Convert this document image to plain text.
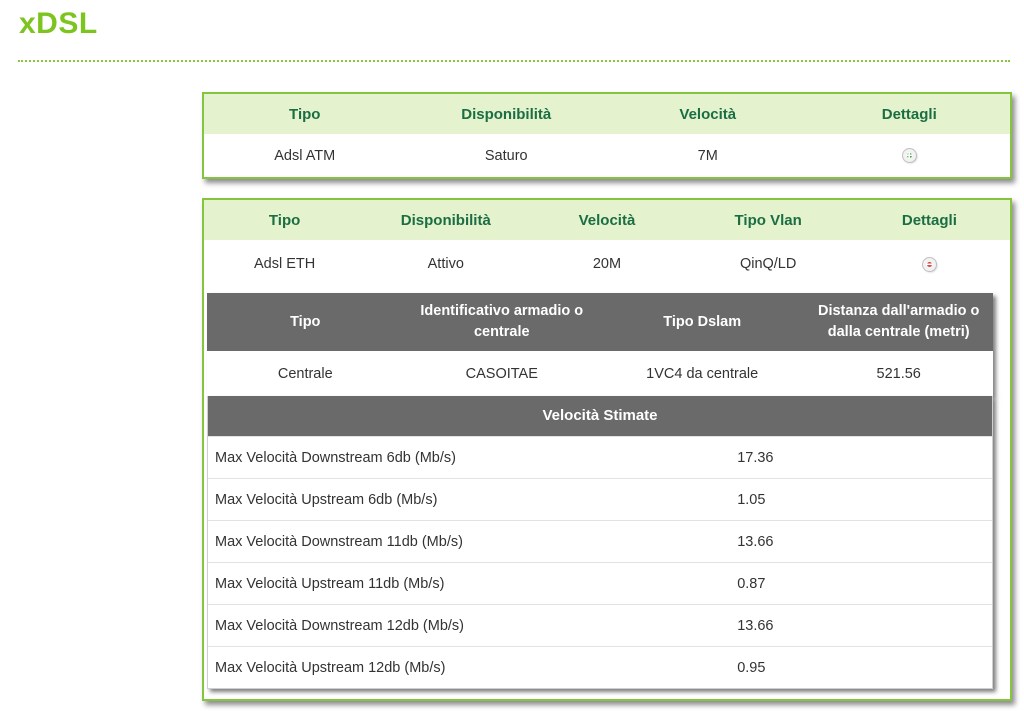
xDSL
Tipo	Disponibilità	Velocità	Dettagli
Adsl ATM	Saturo	7M	+
Tipo	Disponibilità	Velocità	Tipo Vlan	Dettagli
Adsl ETH	Attivo	20M	QinQ/LD	−
Tipo	Identificativo armadio o centrale	Tipo Dslam	Distanza dall'armadio o dalla centrale (metri)
Centrale	CASOITAE	1VC4 da centrale	521.56
Velocità Stimate
Max Velocità Downstream 6db (Mb/s)	17.36
Max Velocità Upstream 6db (Mb/s)	1.05
Max Velocità Downstream 11db (Mb/s)	13.66
Max Velocità Upstream 11db (Mb/s)	0.87
Max Velocità Downstream 12db (Mb/s)	13.66
Max Velocità Upstream 12db (Mb/s)	0.95
